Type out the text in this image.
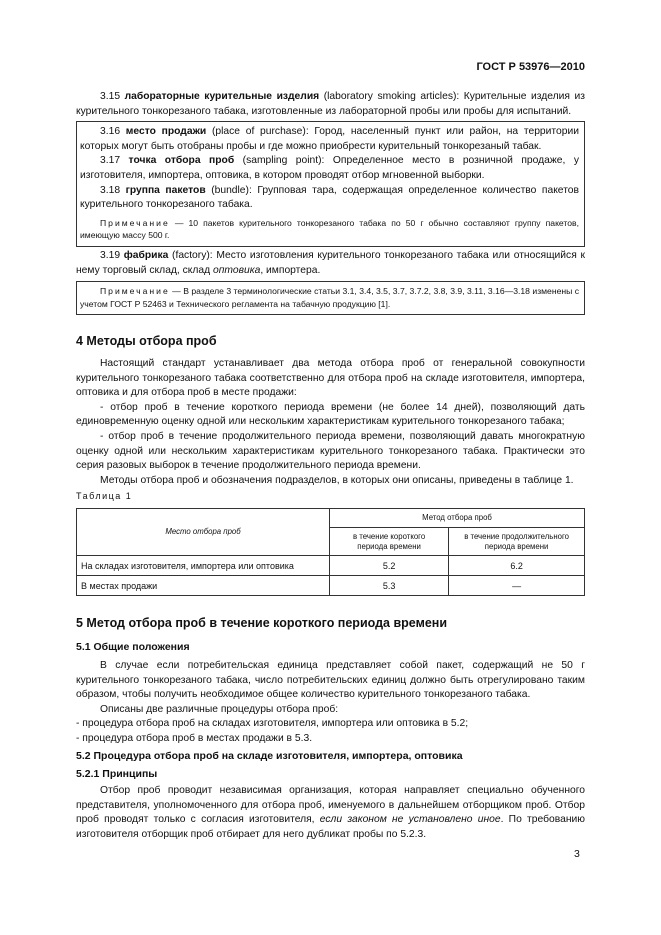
ГОСТ Р 53976—2010

3.15 лабораторные курительные изделия (laboratory smoking articles): Курительные изделия из курительного тонкорезаного табака, изготовленные из лабораторной пробы или пробы для испытаний.

3.16 место продажи (place of purchase): Город, населенный пункт или район, на территории которых могут быть отобраны пробы и где можно приобрести курительный тонкорезаный табак.

3.17 точка отбора проб (sampling point): Определенное место в розничной продаже, у изготовителя, импортера, оптовика, в котором проводят отбор мгновенной выборки.

3.18 группа пакетов (bundle): Групповая тара, содержащая определенное количество пакетов курительного тонкорезаного табака.

Примечание — 10 пакетов курительного тонкорезаного табака по 50 г обычно составляют группу пакетов, имеющую массу 500 г.

3.19 фабрика (factory): Место изготовления курительного тонкорезаного табака или относящийся к нему торговый склад, склад оптовика, импортера.

Примечание — В разделе 3 терминологические статьи 3.1, 3.4, 3.5, 3.7, 3.7.2, 3.8, 3.9, 3.11, 3.16—3.18 изменены с учетом ГОСТ Р 52463 и Технического регламента на табачную продукцию [1].

4 Методы отбора проб

Настоящий стандарт устанавливает два метода отбора проб от генеральной совокупности курительного тонкорезаного табака соответственно для отбора проб на складе изготовителя, импортера, оптовика и для отбора проб в месте продажи:

- отбор проб в течение короткого периода времени (не более 14 дней), позволяющий дать единовременную оценку одной или нескольким характеристикам курительного тонкорезаного табака;

- отбор проб в течение продолжительного периода времени, позволяющий давать многократную оценку одной или нескольким характеристикам курительного тонкорезаного табака. Практически это серия разовых выборок в течение продолжительного периода времени.

Методы отбора проб и обозначения подразделов, в которых они описаны, приведены в таблице 1.

Таблица 1
Место отбора проб	Метод отбора проб	
	в течение короткого периода времени	в течение продолжительного периода времени
На складах изготовителя, импортера или оптовика	5.2	6.2
В местах продажи	5.3	—
5 Метод отбора проб в течение короткого периода времени
5.1 Общие положения

В случае если потребительская единица представляет собой пакет, содержащий не 50 г курительного тонкорезаного табака, число потребительских единиц должно быть отрегулировано таким образом, чтобы получить необходимое общее количество курительного тонкорезаного табака.

Описаны две различные процедуры отбора проб:

- процедура отбора проб на складах изготовителя, импортера или оптовика в 5.2;

- процедура отбора проб в местах продажи в 5.3.

5.2 Процедура отбора проб на складе изготовителя, импортера, оптовика
5.2.1 Принципы

Отбор проб проводит независимая организация, которая направляет специально обученного представителя, уполномоченного для отбора проб, именуемого в дальнейшем отборщиком проб. Отбор проб проводят только с согласия изготовителя, если законом не установлено иное. По требованию изготовителя отборщик проб отбирает для него дубликат пробы по 5.2.3.

3
